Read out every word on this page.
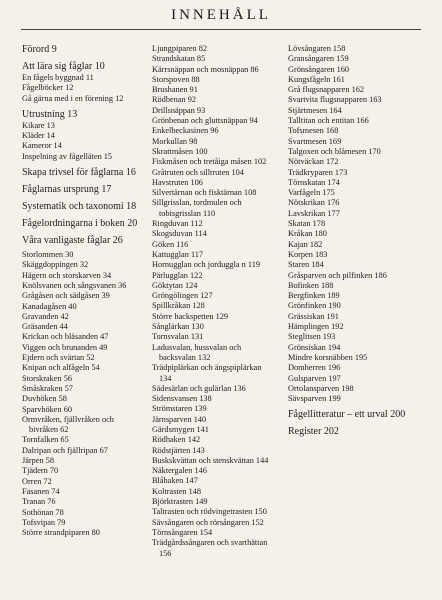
INNEHÅLL
Förord 9
Att lära sig fåglar 10
En fågels byggnad 11
Fågelböcker 12
Gå gärna med i en förening 12
Utrustning 13
Kikare 13
Kläder 14
Kameror 14
Inspelning av fågelläten 15
Skapa trivsel för fåglarna 16
Fåglarnas ursprung 17
Systematik och taxonomi 18
Fågelordningarna i boken 20
Våra vanligaste fåglar 26
Storlommen 30
Skäggdoppingen 32
Hägern och storskarven 34
Knölsvanen och sångsvanen 36
Grågåsen och sädgåsen 39
Kanadagåsen 40
Gravanden 42
Gräsanden 44
Krickan och bläsanden 47
Viggen och brunanden 49
Ejdern och svärtan 52
Knipan och alfågeln 54
Storskraken 56
Småskraken 57
Duvhöken 58
Sparvhöken 60
Ormvråken, fjällvråken och
bivråken 62
Tornfalken 65
Dalripan och fjällripan 67
Järpen 58
Tjädern 70
Orren 72
Fasanen 74
Tranan 76
Sothönan 78
Tofsvipan 79
Större strandpiparen 80
Ljungpiparen 82
Strandskatan 85
Kärrsnäppan och mosnäppan 86
Storspoven 88
Brushanen 91
Rödbenan 92
Drillsnäppan 93
Grönbenan och gluttsnäppan 94
Enkelbeckasinen 96
Morkullan 98
Skrattmåsen 100
Fiskmåsen och tretåiga måsen 102
Gråtruten och silltruten 104
Havstruten 106
Silvertärnan och fisktärnan 108
Sillgrisslan, tordmulen och
tobisgrisslan 110
Ringduvan 112
Skogsduvan 114
Göken 116
Kattugglan 117
Hornugglan och jorduggla n 119
Pärlugglan 122
Göktytan 124
Gröngölingen 127
Spillkråkan 128
Större hackspetten 129
Sånglärkan 130
Tornsvalan 131
Ladusvalan, hussvalan och
backsvalan 132
Trädpiplärkan och ängspiplärkan
134
Sädesärlan och gulärlan 136
Sidensvansen 138
Strömstaren 139
Järnsparven 140
Gärdsmygen 141
Rödhaken 142
Rödstjärten 143
Buskskvättan och stenskvättan 144
Näktergalen 146
Blåhaken 147
Koltrasten 148
Björktrasten 149
Taltrasten och rödvingetrasten 150
Sävsångaren och rörsångaren 152
Törnsångaren 154
Trädgårdssångaren och svarthättan
156
Lövsångaren 158
Gransångaren 159
Grönsångaren 160
Kungsfågeln 161
Grå flugsnapparen 162
Svartvita flugsnapparen 163
Stjärtmesen 164
Talltitan och entitan 166
Tofsmesen 168
Svartmesen 169
Talgoxen och blåmesen 170
Nötväckan 172
Trädkryparen 173
Törnskatan 174
Varfågeln 175
Nötskrikan 176
Lavskrikan 177
Skatan 178
Kråkan 180
Kajan 182
Korpen 183
Staren 184
Gråsparven och pilfinken 186
Bofinken 188
Bergfinken 189
Grönfinken 190
Grässiskan 191
Hämplingen 192
Steglitsen 193
Grönsiskan 194
Mindre korsnäbben 195
Domherren 196
Gulsparven 197
Ortolansparven 198
Sävsparven 199
Fågellitteratur – ett urval 200
Register 202
